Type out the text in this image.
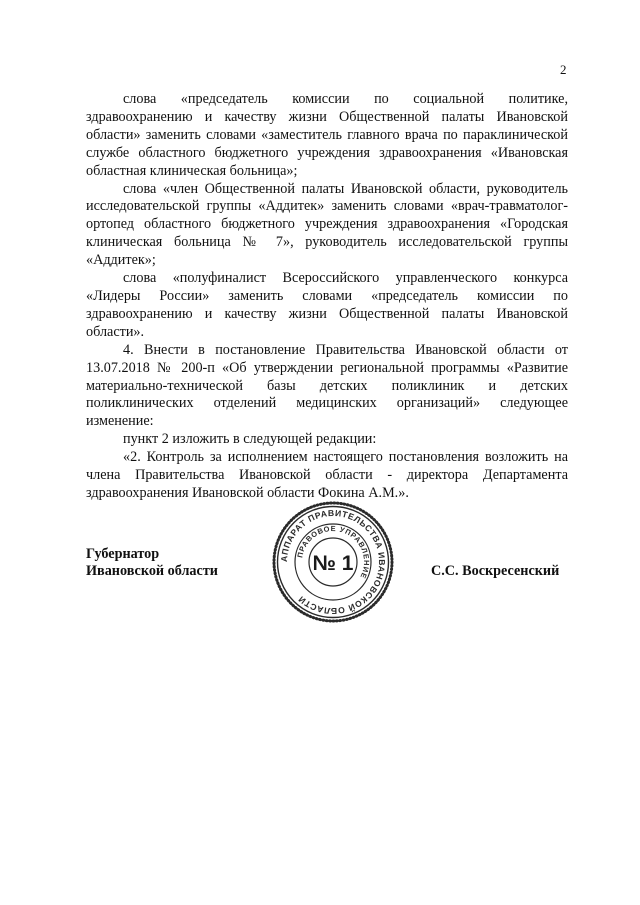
2

слова «председатель комиссии по социальной политике, здравоохранению и качеству жизни Общественной палаты Ивановской области» заменить словами «заместитель главного врача по параклинической службе областного бюджетного учреждения здравоохранения «Ивановская областная клиническая больница»;

слова «член Общественной палаты Ивановской области, руководитель исследовательской группы «Аддитек» заменить словами «врач-травматолог-ортопед областного бюджетного учреждения здравоохранения «Городская клиническая больница № 7», руководитель исследовательской группы «Аддитек»;

слова «полуфиналист Всероссийского управленческого конкурса «Лидеры России» заменить словами «председатель комиссии по здравоохранению и качеству жизни Общественной палаты Ивановской области».

4. Внести в постановление Правительства Ивановской области от 13.07.2018 № 200-п «Об утверждении региональной программы «Развитие материально-технической базы детских поликлиник и детских поликлинических отделений медицинских организаций» следующее изменение:

пункт 2 изложить в следующей редакции:

«2. Контроль за исполнением настоящего постановления возложить на члена Правительства Ивановской области - директора Департамента здравоохранения Ивановской области Фокина А.М.».

Губернатор
Ивановской области	С.С. Воскресенский
АППАРАТ ПРАВИТЕЛЬСТВА ИВАНОВСКОЙ ОБЛАСТИ
ПРАВОВОЕ УПРАВЛЕНИЕ
№ 1
